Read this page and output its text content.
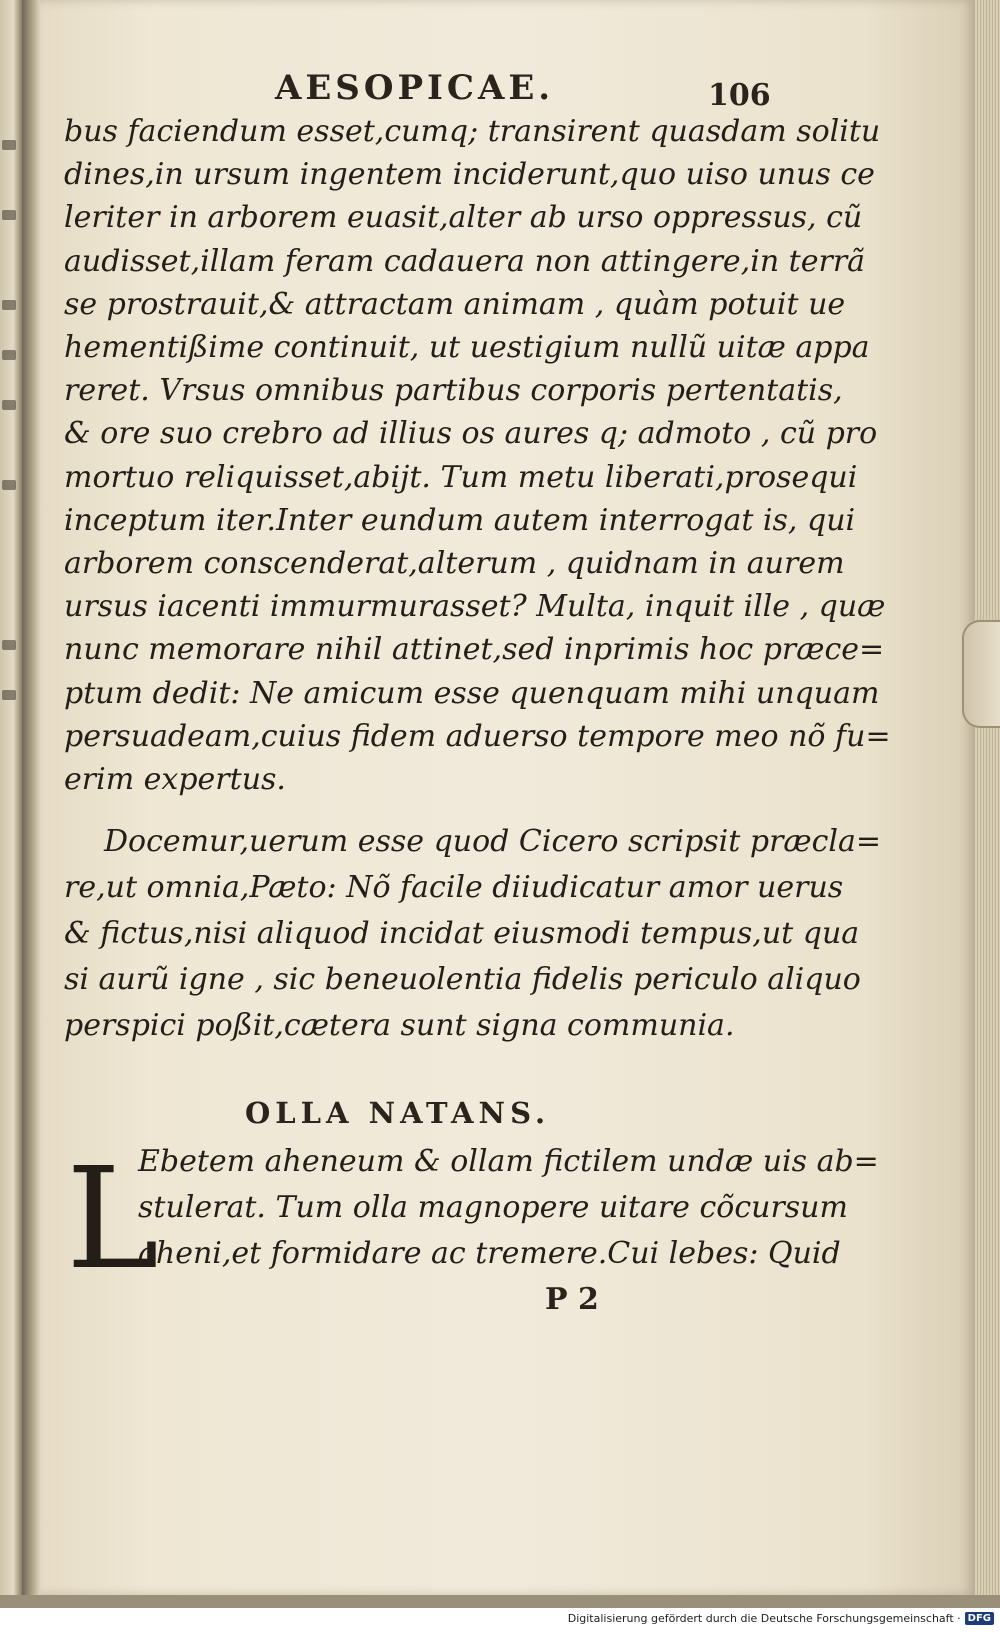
AESOPICAE.	106
bus faciendum esset,cumq; transirent quasdam solitu
dines,in ursum ingentem inciderunt,quo uiso unus ce
leriter in arborem euasit,alter ab urso oppressus, cũ
audisset,illam feram cadauera non attingere,in terrã
se prostrauit,& attractam animam , quàm potuit ue
hementißime continuit, ut uestigium nullũ uitæ appa
reret. Vrsus omnibus partibus corporis pertentatis,
& ore suo crebro ad illius os aures q; admoto , cũ pro
mortuo reliquisset,abijt. Tum metu liberati,prosequi
inceptum iter.Inter eundum autem interrogat is, qui
arborem conscenderat,alterum , quidnam in aurem
ursus iacenti immurmurasset? Multa, inquit ille , quæ
nunc memorare nihil attinet,sed inprimis hoc præce=
ptum dedit: Ne amicum esse quenquam mihi unquam
persuadeam,cuius fidem aduerso tempore meo nõ fu=
erim expertus.
Docemur,uerum esse quod Cicero scripsit præcla=
re,ut omnia,Pæto: Nõ facile diiudicatur amor uerus
& fictus,nisi aliquod incidat eiusmodi tempus,ut qua
si aurũ igne , sic beneuolentia fidelis periculo aliquo
perspici poßit,cætera sunt signa communia.
Ebetem aheneum & ollam fictilem undæ uis ab=
stulerat. Tum olla magnopere uitare cõcursum
aheni,et formidare ac tremere.Cui lebes: Quid
OLLA NATANS.
L	P 2
Digitalisierung gefördert durch die Deutsche Forschungsgemeinschaft · DFG
